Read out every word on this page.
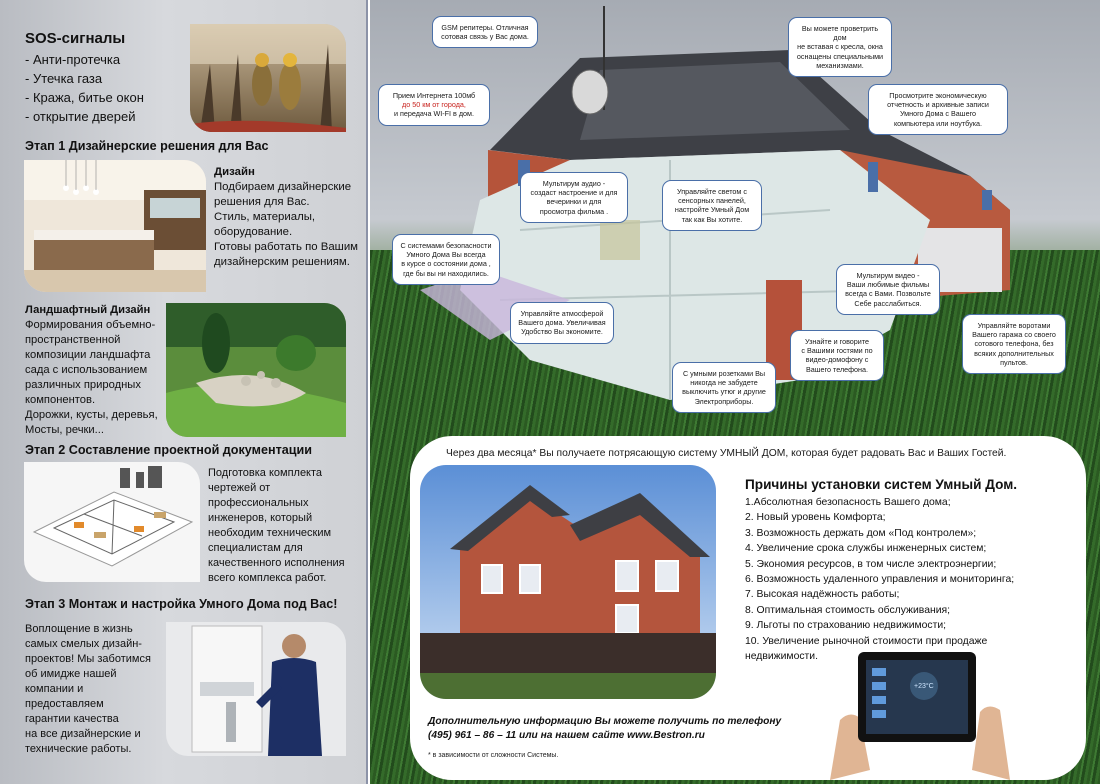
SOS-сигналы
- Анти-протечка
- Утечка газа
- Кража, битье окон
- открытие дверей
Этап 1 Дизайнерские решения для Вас
Дизайн
Подбираем дизайнерские
решения для Вас.
Стиль, материалы,
оборудование.
Готовы работать по Вашим
дизайнерским решениям.
Ландшафтный Дизайн
Формирования объемно-
пространственной
композиции ландшафта
сада с использованием
различных природных
компонентов.
Дорожки, кусты, деревья,
Мосты, речки...
Этап 2 Составление проектной документации
Подготовка комплекта
чертежей от
профессиональных
инженеров, который
необходим техническим
специалистам для
качественного исполнения
всего комплекса работ.
Этап 3 Монтаж и настройка Умного Дома под Вас!
Воплощение в жизнь
самых смелых дизайн-
проектов! Мы заботимся
об имидже нашей
компании и
предоставляем
гарантии качества
на все дизайнерские и
технические работы.
GSM репитеры. Отличная
сотовая связь у Вас дома.
Вы можете проветрить дом
не вставая с кресла, окна
оснащены специальными
механизмами.
Прием Интернета 100мб
до 50 км от города,
и передача WI-FI в дом.
Просмотрите экономическую
отчетность и архивные записи
Умного Дома с Вашего
компьютера или ноутбука.
Мультирум аудио -
создаст настроение и для
вечеринки и для
просмотра фильма .
Управляйте светом с
сенсорных панелей,
настройте Умный Дом
так как Вы хотите.
С системами безопасности
Умного Дома Вы всегда
в курсе о состоянии дома ,
где бы вы ни находились.	Мультирум видео -
Ваши любимые фильмы
всегда с Вами. Позвольте
Себе расслабиться.
Управляйте атмосферой
Вашего дома. Увеличивая
Удобство Вы экономите.
Управляйте воротами
Вашего гаража со своего
сотового телефона, без
всяких дополнительных
пультов.
Узнайте и говорите
с Вашими гостями по
видео-домофону с
Вашего телефона.
С умными розетками Вы
никогда не забудете
выключить утюг и другие
Электроприборы.
Через два месяца* Вы получаете потрясающую систему УМНЫЙ ДОМ, которая будет радовать Вас и Ваших Гостей.
Причины установки систем Умный Дом.
1.Абсолютная безопасность Вашего дома;
2. Новый уровень Комфорта;
3. Возможность держать дом «Под контролем»;
4. Увеличение срока службы инженерных систем;
5. Экономия ресурсов, в том числе электроэнергии;
6. Возможность удаленного управления и мониторинга;
7. Высокая надёжность работы;
8. Оптимальная стоимость обслуживания;
9. Льготы по страхованию недвижимости;
10. Увеличение рыночной стоимости при продаже
недвижимости.
+23°C
Дополнительную информацию Вы можете получить по телефону
(495) 961 – 86 – 11 или на нашем сайте www.Bestron.ru
* в зависимости от сложности Системы.
